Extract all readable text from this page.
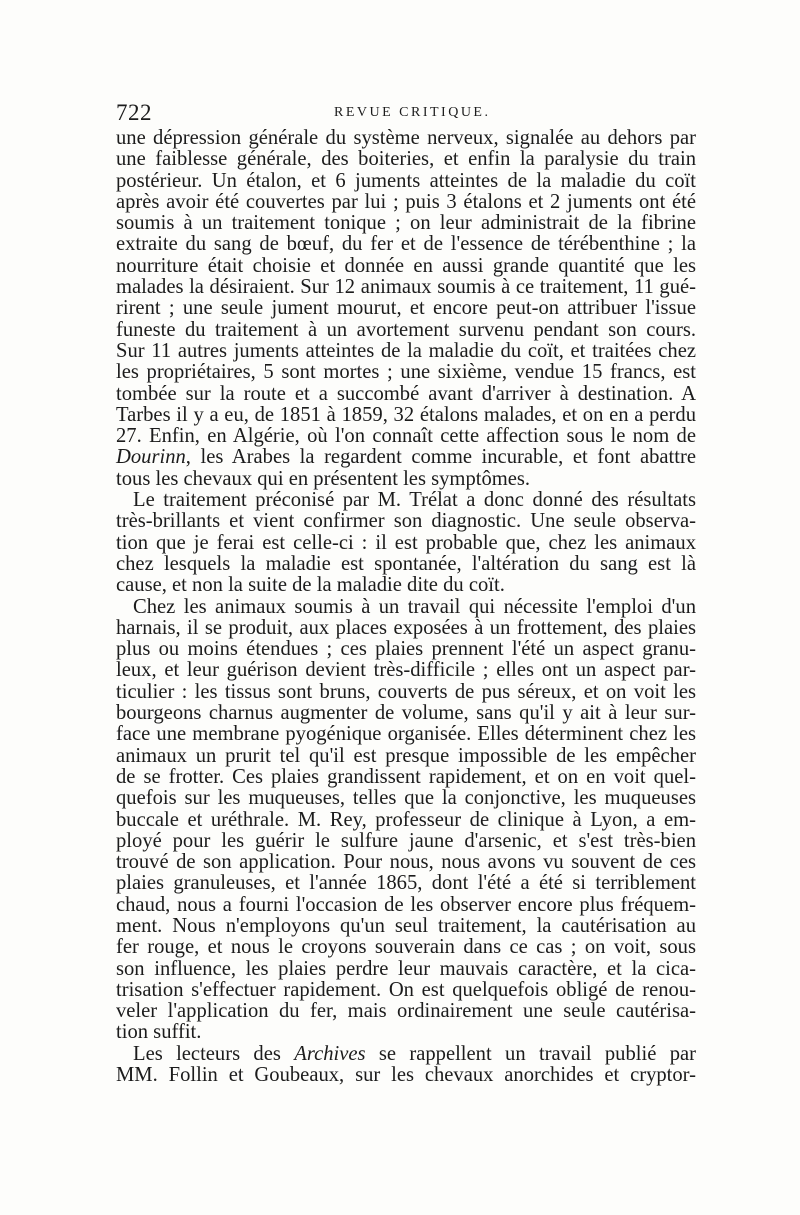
722	REVUE CRITIQUE.
une dépression générale du système nerveux, signalée au dehors par
une faiblesse générale, des boiteries, et enfin la paralysie du train
postérieur. Un étalon, et 6 juments atteintes de la maladie du coït
après avoir été couvertes par lui ; puis 3 étalons et 2 juments ont été
soumis à un traitement tonique ; on leur administrait de la fibrine
extraite du sang de bœuf, du fer et de l'essence de térébenthine ; la
nourriture était choisie et donnée en aussi grande quantité que les
malades la désiraient. Sur 12 animaux soumis à ce traitement, 11 gué-
rirent ; une seule jument mourut, et encore peut-on attribuer l'issue
funeste du traitement à un avortement survenu pendant son cours.
Sur 11 autres juments atteintes de la maladie du coït, et traitées chez
les propriétaires, 5 sont mortes ; une sixième, vendue 15 francs, est
tombée sur la route et a succombé avant d'arriver à destination. A
Tarbes il y a eu, de 1851 à 1859, 32 étalons malades, et on en a perdu
27. Enfin, en Algérie, où l'on connaît cette affection sous le nom de
Dourinn, les Arabes la regardent comme incurable, et font abattre
tous les chevaux qui en présentent les symptômes.
Le traitement préconisé par M. Trélat a donc donné des résultats
très-brillants et vient confirmer son diagnostic. Une seule observa-
tion que je ferai est celle-ci : il est probable que, chez les animaux
chez lesquels la maladie est spontanée, l'altération du sang est là
cause, et non la suite de la maladie dite du coït.
Chez les animaux soumis à un travail qui nécessite l'emploi d'un
harnais, il se produit, aux places exposées à un frottement, des plaies
plus ou moins étendues ; ces plaies prennent l'été un aspect granu-
leux, et leur guérison devient très-difficile ; elles ont un aspect par-
ticulier : les tissus sont bruns, couverts de pus séreux, et on voit les
bourgeons charnus augmenter de volume, sans qu'il y ait à leur sur-
face une membrane pyogénique organisée. Elles déterminent chez les
animaux un prurit tel qu'il est presque impossible de les empêcher
de se frotter. Ces plaies grandissent rapidement, et on en voit quel-
quefois sur les muqueuses, telles que la conjonctive, les muqueuses
buccale et uréthrale. M. Rey, professeur de clinique à Lyon, a em-
ployé pour les guérir le sulfure jaune d'arsenic, et s'est très-bien
trouvé de son application. Pour nous, nous avons vu souvent de ces
plaies granuleuses, et l'année 1865, dont l'été a été si terriblement
chaud, nous a fourni l'occasion de les observer encore plus fréquem-
ment. Nous n'employons qu'un seul traitement, la cautérisation au
fer rouge, et nous le croyons souverain dans ce cas ; on voit, sous
son influence, les plaies perdre leur mauvais caractère, et la cica-
trisation s'effectuer rapidement. On est quelquefois obligé de renou-
veler l'application du fer, mais ordinairement une seule cautérisa-
tion suffit.
Les lecteurs des Archives se rappellent un travail publié par
MM. Follin et Goubeaux, sur les chevaux anorchides et cryptor-
